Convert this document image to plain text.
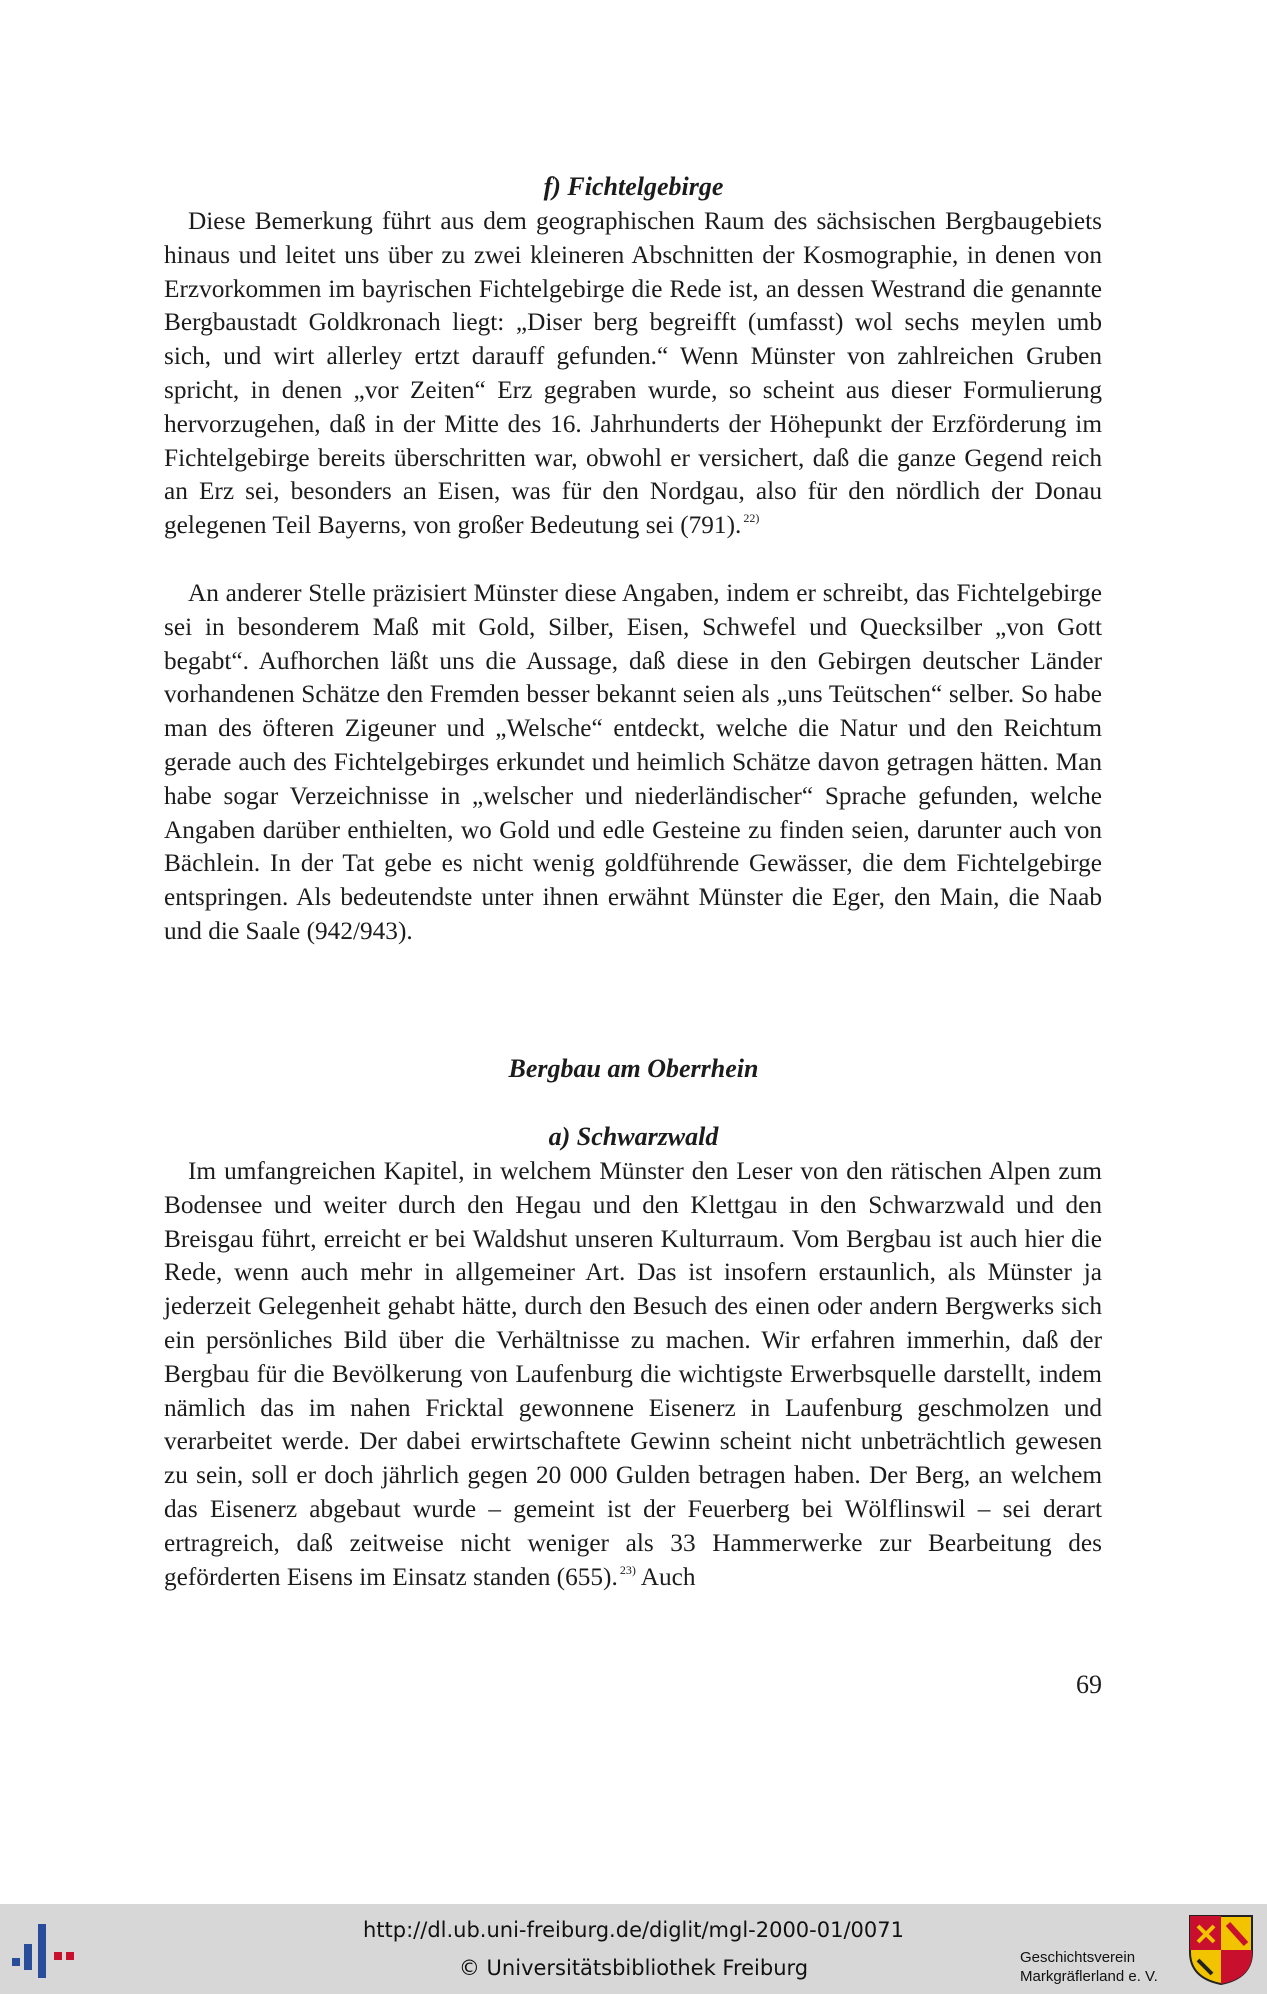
f) Fichtelgebirge

Diese Bemerkung führt aus dem geographischen Raum des sächsischen Bergbaugebiets hinaus und leitet uns über zu zwei kleineren Abschnitten der Kosmographie, in denen von Erzvorkommen im bayrischen Fichtelgebirge die Rede ist, an dessen Westrand die genannte Bergbaustadt Goldkronach liegt: „Diser berg begreifft (umfasst) wol sechs meylen umb sich, und wirt allerley ertzt darauff gefunden.“ Wenn Münster von zahlreichen Gruben spricht, in denen „vor Zeiten“ Erz gegraben wurde, so scheint aus dieser Formulierung hervorzugehen, daß in der Mitte des 16. Jahrhunderts der Höhepunkt der Erzförderung im Fichtelgebirge bereits überschritten war, obwohl er versichert, daß die ganze Gegend reich an Erz sei, besonders an Eisen, was für den Nordgau, also für den nördlich der Donau gelegenen Teil Bayerns, von großer Bedeutung sei (791). $^{22)}$

An anderer Stelle präzisiert Münster diese Angaben, indem er schreibt, das Fichtelgebirge sei in besonderem Maß mit Gold, Silber, Eisen, Schwefel und Quecksilber „von Gott begabt“. Aufhorchen läßt uns die Aussage, daß diese in den Gebirgen deutscher Länder vorhandenen Schätze den Fremden besser bekannt seien als „uns Teütschen“ selber. So habe man des öfteren Zigeuner und „Welsche“ entdeckt, welche die Natur und den Reichtum gerade auch des Fichtelgebirges erkundet und heimlich Schätze davon getragen hätten. Man habe sogar Verzeichnisse in „welscher und niederländischer“ Sprache gefunden, welche Angaben darüber enthielten, wo Gold und edle Gesteine zu finden seien, darunter auch von Bächlein. In der Tat gebe es nicht wenig goldführende Gewässer, die dem Fichtelgebirge entspringen. Als bedeutendste unter ihnen erwähnt Münster die Eger, den Main, die Naab und die Saale (942/943).

Bergbau am Oberrhein
a) Schwarzwald

Im umfangreichen Kapitel, in welchem Münster den Leser von den rätischen Alpen zum Bodensee und weiter durch den Hegau und den Klettgau in den Schwarzwald und den Breisgau führt, erreicht er bei Waldshut unseren Kulturraum. Vom Bergbau ist auch hier die Rede, wenn auch mehr in allgemeiner Art. Das ist insofern erstaunlich, als Münster ja jederzeit Gelegenheit gehabt hätte, durch den Besuch des einen oder andern Bergwerks sich ein persönliches Bild über die Verhältnisse zu machen. Wir erfahren immerhin, daß der Bergbau für die Bevölkerung von Laufenburg die wichtigste Erwerbsquelle darstellt, indem nämlich das im nahen Fricktal gewonnene Eisenerz in Laufenburg geschmolzen und verarbeitet werde. Der dabei erwirtschaftete Gewinn scheint nicht unbeträchtlich gewesen zu sein, soll er doch jährlich gegen 20 000 Gulden betragen haben. Der Berg, an welchem das Eisenerz abgebaut wurde – gemeint ist der Feuerberg bei Wölflinswil – sei derart ertragreich, daß zeitweise nicht weniger als 33 Hammerwerke zur Bearbeitung des geförderten Eisens im Einsatz standen (655). $^{23)}$ Auch

69
http://dl.ub.uni-freiburg.de/diglit/mgl-2000-01/0071
© Universitätsbibliothek Freiburg	Geschichtsverein
Markgräflerland e. V.
